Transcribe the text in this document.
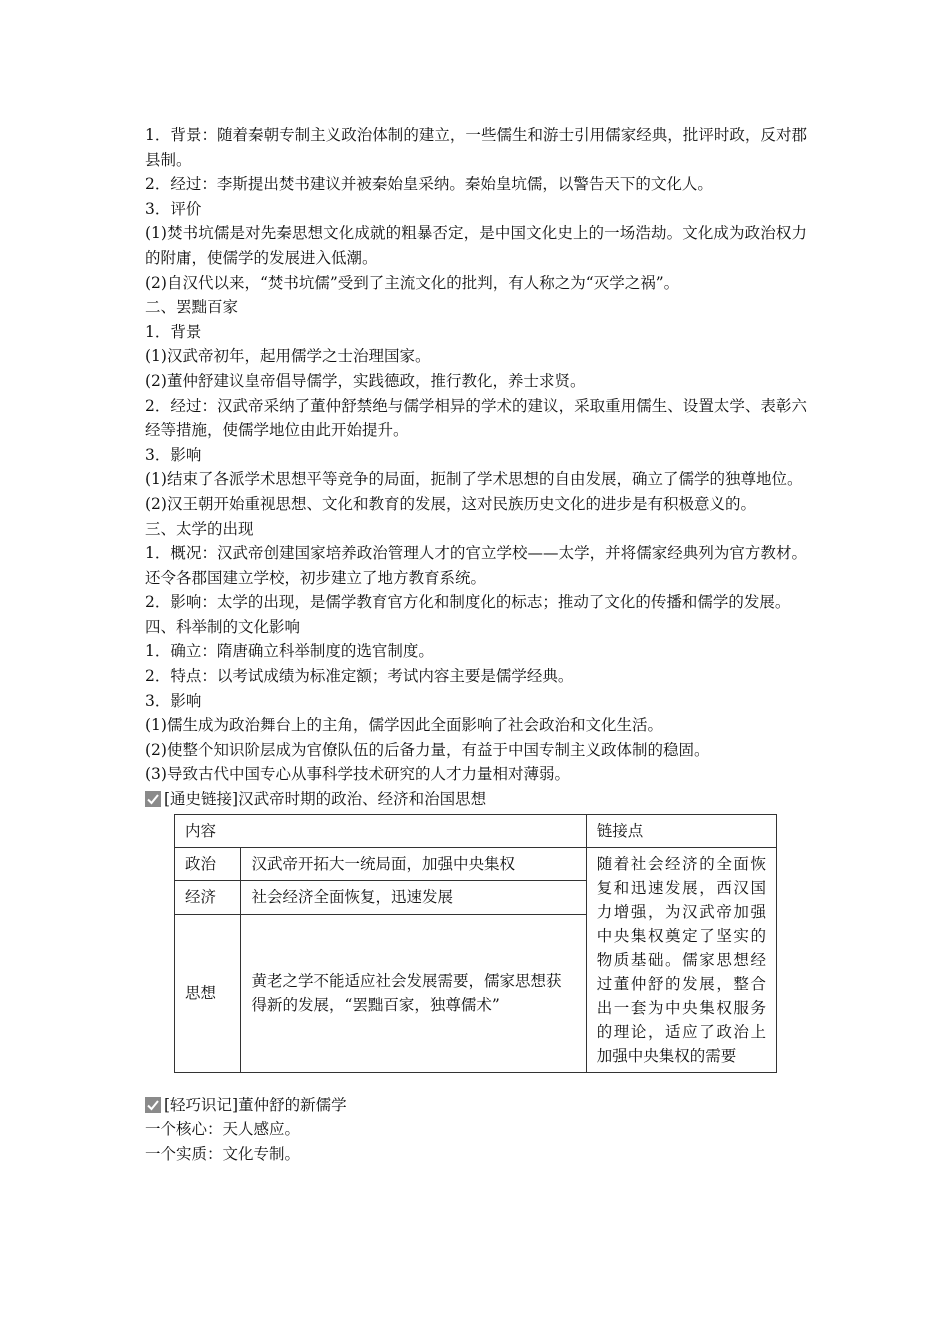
1．背景：随着秦朝专制主义政治体制的建立，一些儒生和游士引用儒家经典，批评时政，反对郡县制。
2．经过：李斯提出焚书建议并被秦始皇采纳。秦始皇坑儒，以警告天下的文化人。
3．评价
(1)焚书坑儒是对先秦思想文化成就的粗暴否定，是中国文化史上的一场浩劫。文化成为政治权力的附庸，使儒学的发展进入低潮。
(2)自汉代以来，“焚书坑儒”受到了主流文化的批判，有人称之为“灭学之祸”。
二、罢黜百家
1．背景
(1)汉武帝初年，起用儒学之士治理国家。
(2)董仲舒建议皇帝倡导儒学，实践德政，推行教化，养士求贤。
2．经过：汉武帝采纳了董仲舒禁绝与儒学相异的学术的建议，采取重用儒生、设置太学、表彰六经等措施，使儒学地位由此开始提升。
3．影响
(1)结束了各派学术思想平等竞争的局面，扼制了学术思想的自由发展，确立了儒学的独尊地位。
(2)汉王朝开始重视思想、文化和教育的发展，这对民族历史文化的进步是有积极意义的。
三、太学的出现
1．概况：汉武帝创建国家培养政治管理人才的官立学校——太学，并将儒家经典列为官方教材。还令各郡国建立学校，初步建立了地方教育系统。
2．影响：太学的出现，是儒学教育官方化和制度化的标志；推动了文化的传播和儒学的发展。
四、科举制的文化影响
1．确立：隋唐确立科举制度的选官制度。
2．特点：以考试成绩为标准定额；考试内容主要是儒学经典。
3．影响
(1)儒生成为政治舞台上的主角，儒学因此全面影响了社会政治和文化生活。
(2)使整个知识阶层成为官僚队伍的后备力量，有益于中国专制主义政体制的稳固。
(3)导致古代中国专心从事科学技术研究的人才力量相对薄弱。
[通史链接]汉武帝时期的政治、经济和治国思想
内容		链接点
政治	汉武帝开拓大一统局面，加强中央集权	随着社会经济的全面恢复和迅速发展，西汉国力增强，为汉武帝加强中央集权奠定了坚实的物质基础。儒家思想经过董仲舒的发展，整合出一套为中央集权服务的理论，适应了政治上加强中央集权的需要
经济	社会经济全面恢复，迅速发展	
思想	黄老之学不能适应社会发展需要，儒家思想获得新的发展，“罢黜百家，独尊儒术”	
[轻巧识记]董仲舒的新儒学
一个核心：天人感应。
一个实质：文化专制。
